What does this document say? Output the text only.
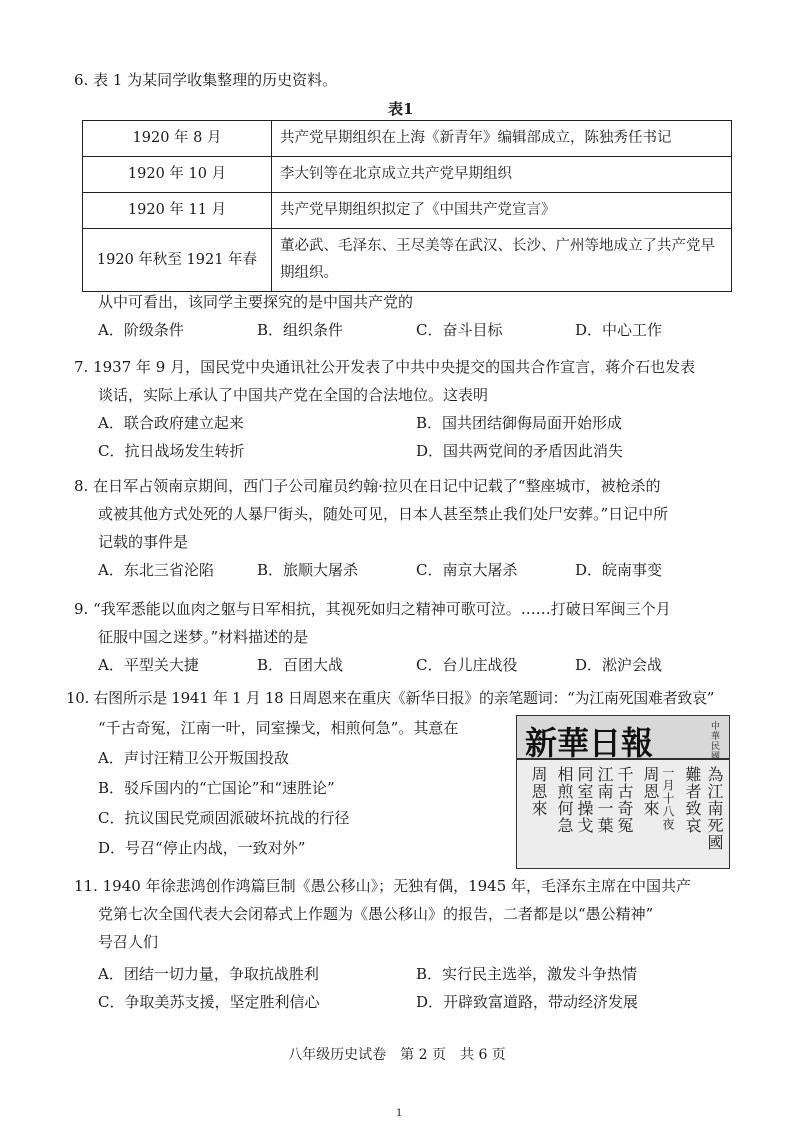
6. 表 1 为某同学收集整理的历史资料。

表1
1920 年 8 月	共产党早期组织在上海《新青年》编辑部成立，陈独秀任书记
1920 年 10 月	李大钊等在北京成立共产党早期组织
1920 年 11 月	共产党早期组织拟定了《中国共产党宣言》
1920 年秋至 1921 年春	董必武、毛泽东、王尽美等在武汉、长沙、广州等地成立了共产党早期组织。

从中可看出，该同学主要探究的是中国共产党的

A．阶级条件	B．组织条件	C．奋斗目标	D．中心工作

7. 1937 年 9 月，国民党中央通讯社公开发表了中共中央提交的国共合作宣言，蒋介石也发表

谈话，实际上承认了中国共产党在全国的合法地位。这表明

A．联合政府建立起来	B．国共团结御侮局面开始形成
C．抗日战场发生转折	D．国共两党间的矛盾因此消失

8. 在日军占领南京期间，西门子公司雇员约翰·拉贝在日记中记载了“整座城市，被枪杀的

或被其他方式处死的人暴尸街头，随处可见，日本人甚至禁止我们处尸安葬。”日记中所

记载的事件是

A．东北三省沦陷	B．旅顺大屠杀	C．南京大屠杀	D．皖南事变

9. “我军悉能以血肉之躯与日军相抗，其视死如归之精神可歌可泣。……打破日军闽三个月

征服中国之迷梦。”材料描述的是

A．平型关大捷	B．百团大战	C．台儿庄战役	D．淞沪会战

10. 右图所示是 1941 年 1 月 18 日周恩来在重庆《新华日报》的亲笔题词：“为江南死国难者致哀”

“千古奇冤，江南一叶，同室操戈，相煎何急”。其意在

A．声讨汪精卫公开叛国投敌

B．驳斥国内的“亡国论”和“速胜论”

C．抗议国民党顽固派破坏抗战的行径

D．号召“停止内战，一致对外”

新華日報	中華民國
為江南死國
難者致哀
一月十八夜
周恩來
千古奇冤
江南一葉
同室操戈
相煎何急
周恩來

11. 1940 年徐悲鸿创作鸿篇巨制《愚公移山》；无独有偶，1945 年，毛泽东主席在中国共产

党第七次全国代表大会闭幕式上作题为《愚公移山》的报告，二者都是以“愚公精神”

号召人们

A．团结一切力量，争取抗战胜利	B．实行民主选举，激发斗争热情
C．争取美苏支援，坚定胜利信心	D．开辟致富道路，带动经济发展
八年级历史试卷　第 2 页　共 6 页
1
